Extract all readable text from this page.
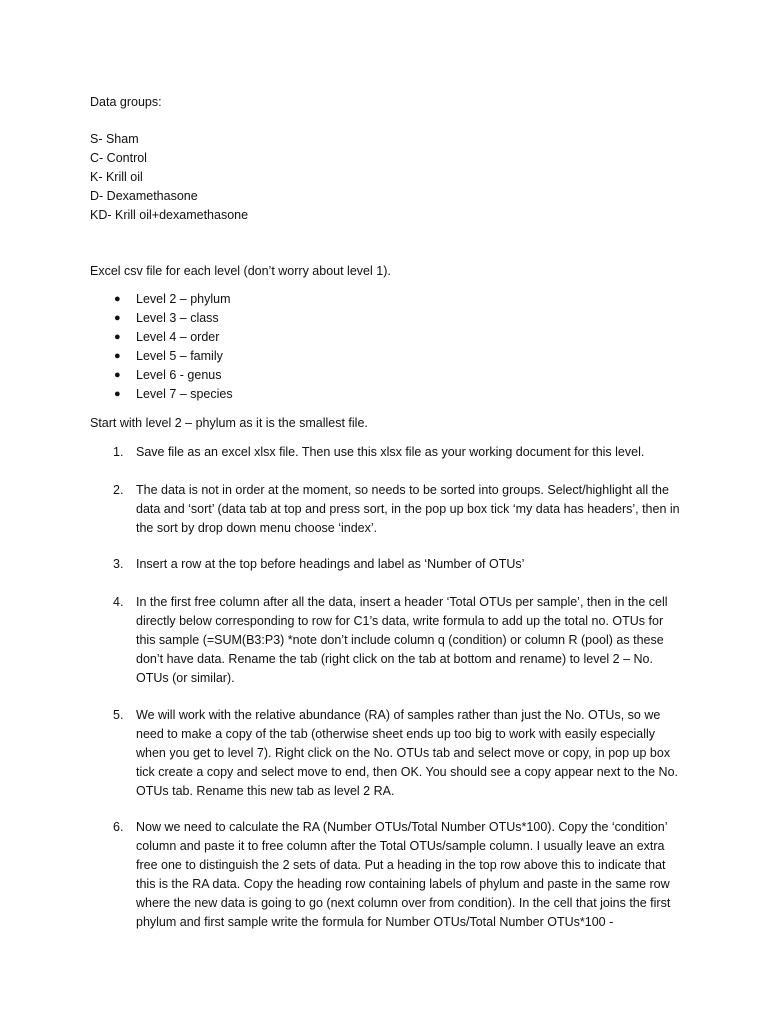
Data groups:
S- Sham
C- Control
K- Krill oil
D- Dexamethasone
KD- Krill oil+dexamethasone
Excel csv file for each level (don’t worry about level 1).
● Level 2 – phylum
● Level 3 – class
● Level 4 – order
● Level 5 – family
● Level 6 - genus
● Level 7 – species
Start with level 2 – phylum as it is the smallest file.
1. Save file as an excel xlsx file. Then use this xlsx file as your working document for this level.
2. The data is not in order at the moment, so needs to be sorted into groups. Select/highlight all the data and ‘sort’ (data tab at top and press sort, in the pop up box tick ‘my data has headers’, then in the sort by drop down menu choose ‘index’.
3. Insert a row at the top before headings and label as ‘Number of OTUs’
4. In the first free column after all the data, insert a header ‘Total OTUs per sample’, then in the cell directly below corresponding to row for C1’s data, write formula to add up the total no. OTUs for this sample (=SUM(B3:P3) *note don’t include column q (condition) or column R (pool) as these don’t have data. Rename the tab (right click on the tab at bottom and rename) to level 2 – No. OTUs (or similar).
5. We will work with the relative abundance (RA) of samples rather than just the No. OTUs, so we need to make a copy of the tab (otherwise sheet ends up too big to work with easily especially when you get to level 7). Right click on the No. OTUs tab and select move or copy, in pop up box tick create a copy and select move to end, then OK. You should see a copy appear next to the No. OTUs tab. Rename this new tab as level 2 RA.
6. Now we need to calculate the RA (Number OTUs/Total Number OTUs*100). Copy the ‘condition’ column and paste it to free column after the Total OTUs/sample column. I usually leave an extra free one to distinguish the 2 sets of data. Put a heading in the top row above this to indicate that this is the RA data. Copy the heading row containing labels of phylum and paste in the same row where the new data is going to go (next column over from condition). In the cell that joins the first phylum and first sample write the formula for Number OTUs/Total Number OTUs*100 -
